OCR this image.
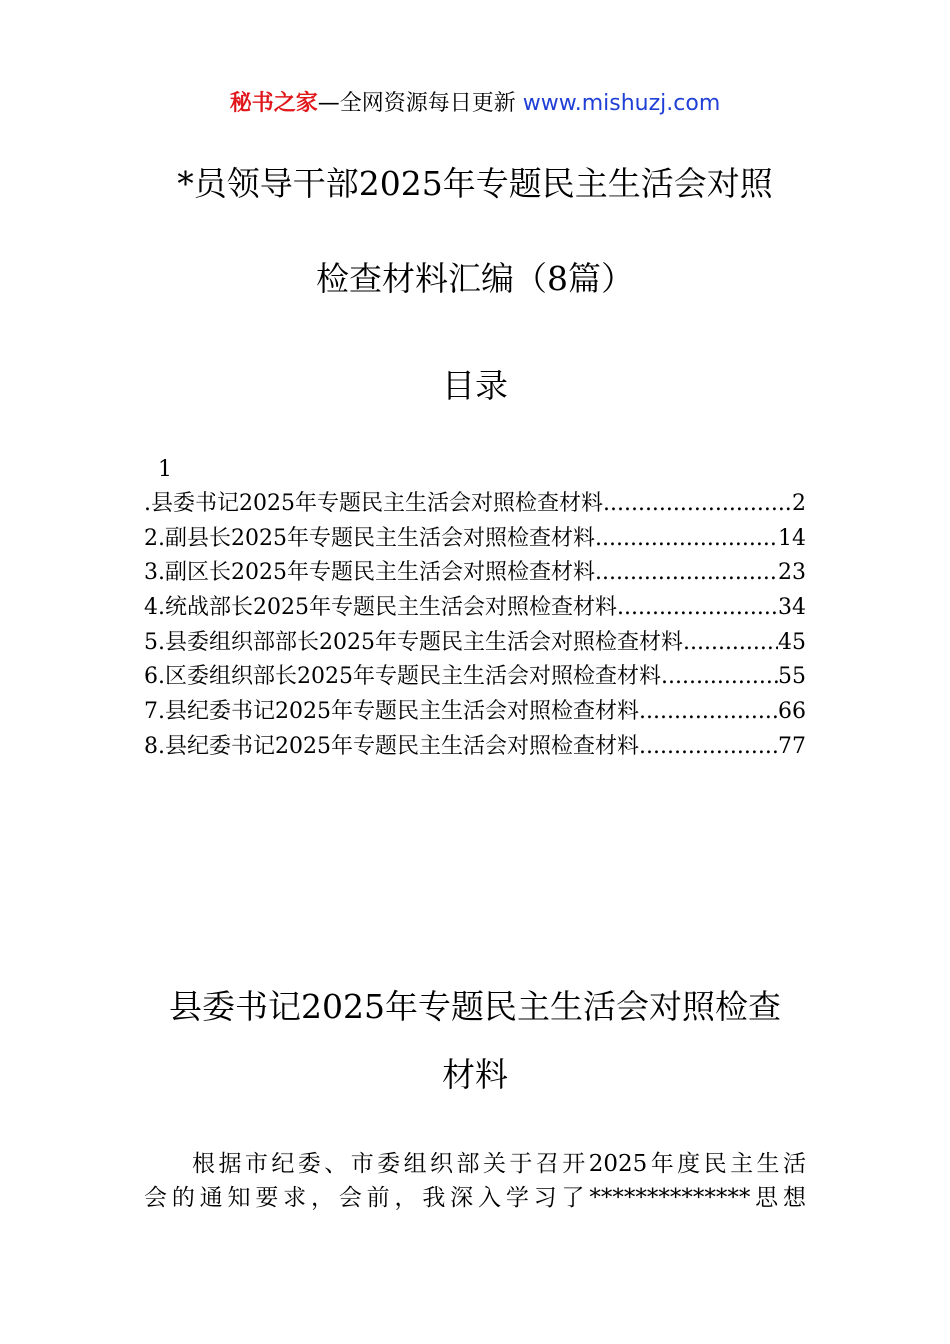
秘书之家—全网资源每日更新 www.mishuzj.com
*员领导干部2025年专题民主生活会对照
检查材料汇编（8篇）
目录
1
.县委书记2025年专题民主生活会对照检查材料 .....	2
2.副县长2025年专题民主生活会对照检查材料 .....	14
3.副区长2025年专题民主生活会对照检查材料 .....	23
4.统战部长2025年专题民主生活会对照检查材料 .....	34
5.县委组织部部长2025年专题民主生活会对照检查材料 .....	45
6.区委组织部长2025年专题民主生活会对照检查材料 .....	55
7.县纪委书记2025年专题民主生活会对照检查材料 .....	66
8.县纪委书记2025年专题民主生活会对照检查材料 .....	77
县委书记2025年专题民主生活会对照检查
材料

根据市纪委、市委组织部关于召开2025年度民主生活
会的通知要求，会前，我深入学习了**************思想
